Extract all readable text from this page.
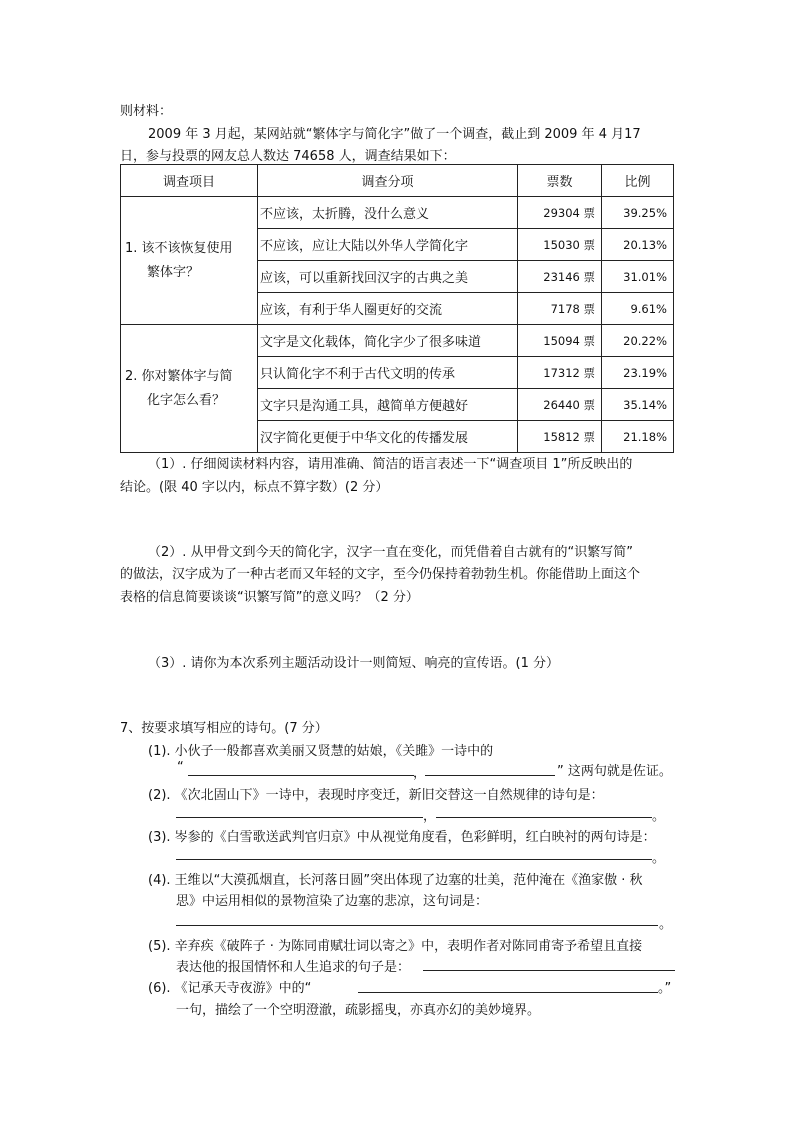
则材料：
2009 年 3 月起，某网站就“繁体字与简化字”做了一个调查，截止到 2009 年 4 月17
日，参与投票的网友总人数达 74658 人，调查结果如下：
调查项目	调查分项	票数	比例

1. 该不该恢复使用
繁体字？	不应该，太折腾，没什么意义	29304 票	39.25%
	不应该，应让大陆以外华人学简化字	15030 票	20.13%
	应该，可以重新找回汉字的古典之美	23146 票	31.01%
	应该，有利于华人圈更好的交流	7178 票	9.61%

2. 你对繁体字与简
化字怎么看？	文字是文化载体，简化字少了很多味道	15094 票	20.22%
	只认简化字不利于古代文明的传承	17312 票	23.19%
	文字只是沟通工具，越简单方便越好	26440 票	35.14%
	汉字简化更便于中华文化的传播发展	15812 票	21.18%
（1）. 仔细阅读材料内容，请用准确、简洁的语言表述一下“调查项目 1”所反映出的
结论。(限 40 字以内，标点不算字数）(2 分）
（2）. 从甲骨文到今天的简化字，汉字一直在变化，而凭借着自古就有的“识繁写简”
的做法，汉字成为了一种古老而又年轻的文字，至今仍保持着勃勃生机。你能借助上面这个
表格的信息简要谈谈“识繁写简”的意义吗？（2 分）
（3）. 请你为本次系列主题活动设计一则简短、响亮的宣传语。(1 分）
7、按要求填写相应的诗句。(7 分）
(1). 小伙子一般都喜欢美丽又贤慧的姑娘，《关雎》一诗中的
“	，	” 这两句就是佐证。
(2). 《次北固山下》一诗中，表现时序变迁，新旧交替这一自然规律的诗句是：
，	。
(3). 岑参的《白雪歌送武判官归京》中从视觉角度看，色彩鲜明，红白映衬的两句诗是：
。
(4). 王维以“大漠孤烟直，长河落日圆”突出体现了边塞的壮美，范仲淹在《渔家傲 · 秋
思》中运用相似的景物渲染了边塞的悲凉，这句词是：
。
(5). 辛弃疾《破阵子 · 为陈同甫赋壮词以寄之》中，表明作者对陈同甫寄予希望且直接
表达他的报国情怀和人生追求的句子是：
(6). 《记承天寺夜游》中的“	。”
一句，描绘了一个空明澄澈，疏影摇曳，亦真亦幻的美妙境界。
